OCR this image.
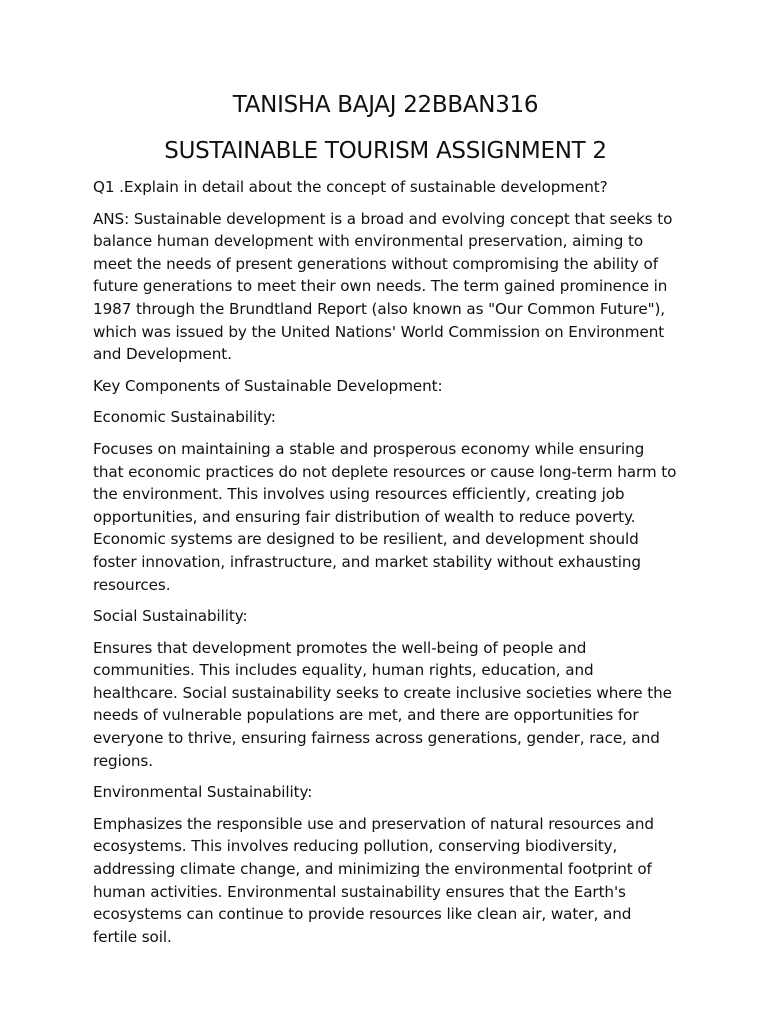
TANISHA BAJAJ 22BBAN316
SUSTAINABLE TOURISM ASSIGNMENT 2

Q1 .Explain in detail about the concept of sustainable development?

ANS: Sustainable development is a broad and evolving concept that seeks to balance human development with environmental preservation, aiming to meet the needs of present generations without compromising the ability of future generations to meet their own needs. The term gained prominence in 1987 through the Brundtland Report (also known as "Our Common Future"), which was issued by the United Nations' World Commission on Environment and Development.

Key Components of Sustainable Development:

Economic Sustainability:

Focuses on maintaining a stable and prosperous economy while ensuring that economic practices do not deplete resources or cause long-term harm to the environment. This involves using resources efficiently, creating job opportunities, and ensuring fair distribution of wealth to reduce poverty. Economic systems are designed to be resilient, and development should foster innovation, infrastructure, and market stability without exhausting resources.

Social Sustainability:

Ensures that development promotes the well-being of people and communities. This includes equality, human rights, education, and healthcare. Social sustainability seeks to create inclusive societies where the needs of vulnerable populations are met, and there are opportunities for everyone to thrive, ensuring fairness across generations, gender, race, and regions.

Environmental Sustainability:

Emphasizes the responsible use and preservation of natural resources and ecosystems. This involves reducing pollution, conserving biodiversity, addressing climate change, and minimizing the environmental footprint of human activities. Environmental sustainability ensures that the Earth's ecosystems can continue to provide resources like clean air, water, and fertile soil.
